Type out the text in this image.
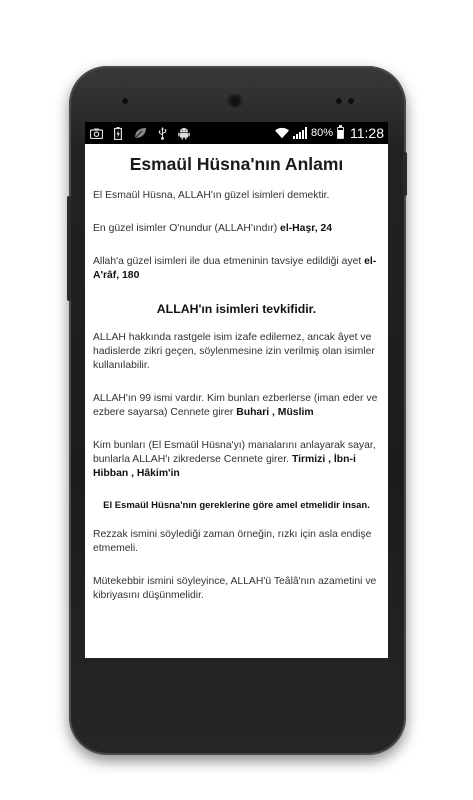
80% 11:28
Esmaül Hüsna'nın Anlamı
El Esmaül Hüsna, ALLAH'ın güzel isimleri demektir.
En güzel isimler O'nundur (ALLAH'ındır) el-Haşr, 24
Allah'a güzel isimleri ile dua etmeninin tavsiye edildiği ayet el-A'râf, 180
ALLAH'ın isimleri tevkifidir.
ALLAH hakkında rastgele isim izafe edilemez, ancak âyet ve hadislerde zikri geçen, söylenmesine izin verilmiş olan isimler kullanılabilir.
ALLAH'ın 99 ismi vardır. Kim bunları ezberlerse (iman eder ve ezbere sayarsa) Cennete girer Buhari , Müslim
Kim bunları (El Esmaül Hüsna'yı) manalarını anlayarak sayar, bunlarla ALLAH'ı zikrederse Cennete girer. Tirmizi , İbn-i Hibban , Hâkim'in
El Esmaül Hüsna'nın gereklerine göre amel etmelidir insan.
Rezzak ismini söylediği zaman örneğin, rızkı için asla endişe etmemeli.
Mütekebbir ismini söyleyince, ALLAH'ü Teâlâ'nın azametini ve kibriyasını düşünmelidir.
